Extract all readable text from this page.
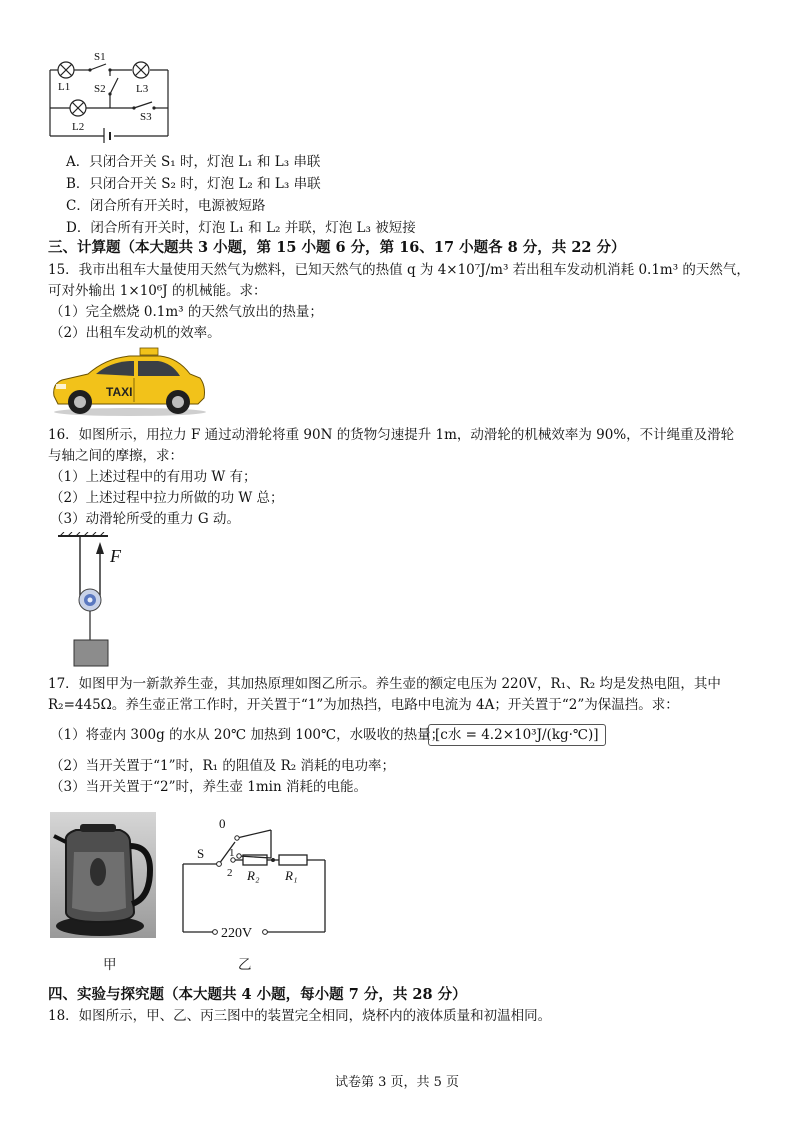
S1
L1 S2	L3
L2
S3
A．只闭合开关 S₁ 时，灯泡 L₁ 和 L₃ 串联
B．只闭合开关 S₂ 时，灯泡 L₂ 和 L₃ 串联
C．闭合所有开关时，电源被短路
D．闭合所有开关时，灯泡 L₁ 和 L₂ 并联，灯泡 L₃ 被短接
三、计算题（本大题共 3 小题，第 15 小题 6 分，第 16、17 小题各 8 分，共 22 分）
15．我市出租车大量使用天然气为燃料，已知天然气的热值 q 为 4×10⁷J/m³ 若出租车发动机消耗 0.1m³ 的天然气，
可对外输出 1×10⁶J 的机械能。求：
（1）完全燃烧 0.1m³ 的天然气放出的热量；
（2）出租车发动机的效率。
TAXI
16．如图所示，用拉力 F 通过动滑轮将重 90N 的货物匀速提升 1m，动滑轮的机械效率为 90%，不计绳重及滑轮
与轴之间的摩擦，求：
（1）上述过程中的有用功 W 有；
（2）上述过程中拉力所做的功 W 总；
（3）动滑轮所受的重力 G 动。
F
17．如图甲为一新款养生壶，其加热原理如图乙所示。养生壶的额定电压为 220V，R₁、R₂ 均是发热电阻，其中
R₂=445Ω。养生壶正常工作时，开关置于“1”为加热挡，电路中电流为 4A；开关置于“2”为保温挡。求：
（1）将壶内 300g 的水从 20℃ 加热到 100℃，水吸收的热量；
[c水 = 4.2×10³J/(kg·℃)]
（2）当开关置于“1”时，R₁ 的阻值及 R₂ 消耗的电功率；
（3）当开关置于“2”时，养生壶 1min 消耗的电能。
甲
0
1
2
S
R₂ R₁
220V
乙
四、实验与探究题（本大题共 4 小题，每小题 7 分，共 28 分）
18．如图所示，甲、乙、丙三图中的装置完全相同，烧杯内的液体质量和初温相同。
试卷第 3 页，共 5 页
